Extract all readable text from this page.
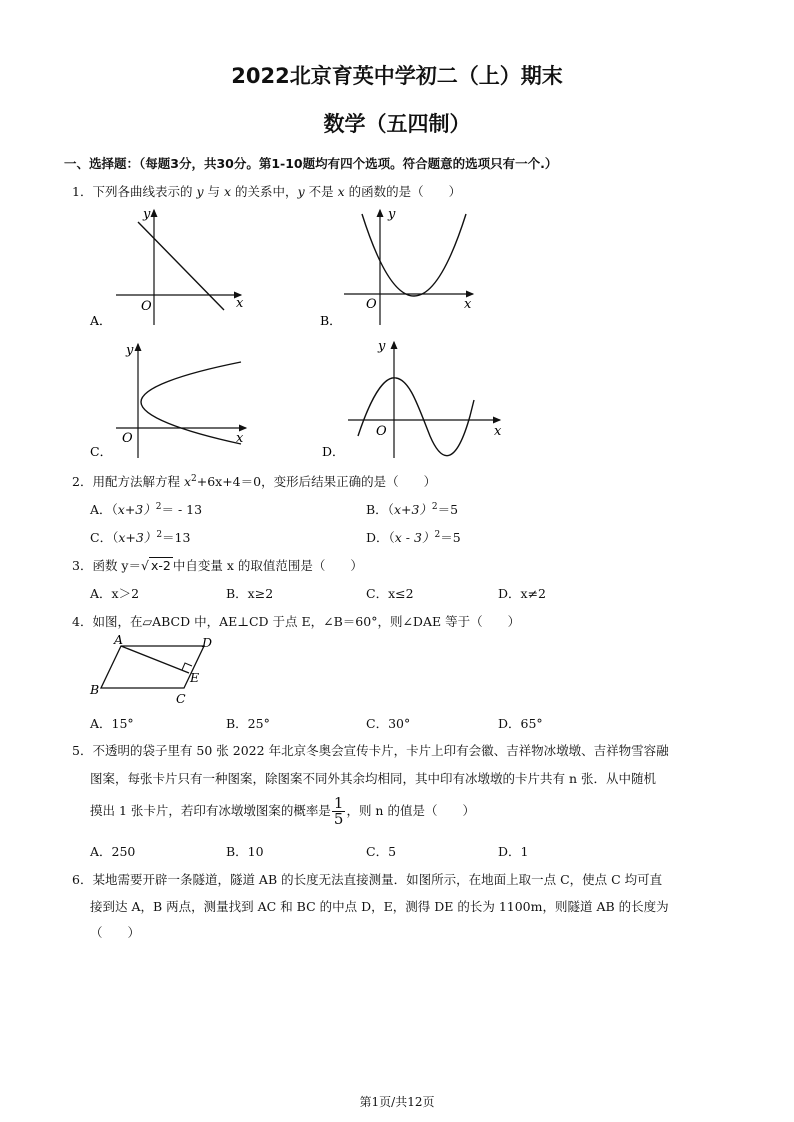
2022北京育英中学初二（上）期末
数学（五四制）
一、选择题：（每题3分，共30分。第1-10题均有四个选项。符合题意的选项只有一个.）
1．下列各曲线表示的 y 与 x 的关系中，y 不是 x 的函数的是（　　）
y
x
O
A．
y
x
O
B．
y
x
O
C．
y
x
O
D．
2．用配方法解方程 $x^2+6x+4=0$，变形后结果正确的是（　　）
A．$(x+3)^2= - 13$	B．$(x+3)^2=5$
C．$(x+3)^2=13$	D．（x - 3）$^2$＝5
3．函数 y＝√ x-2 中自变量 x 的取值范围是（　　）
A．x＞2	B．x≥2	C．x≤2	D．x≠2
4．如图，在▱ABCD 中，AE⊥CD 于点 E，∠B＝60°，则∠DAE 等于（　　）
A	D
B
C
E
A．15°	B．25°	C．30°	D．65°
5．不透明的袋子里有 50 张 2022 年北京冬奥会宣传卡片，卡片上印有会徽、吉祥物冰墩墩、吉祥物雪容融
图案，每张卡片只有一种图案，除图案不同外其余均相同，其中印有冰墩墩的卡片共有 n 张．从中随机
摸出 1 张卡片，若印有冰墩墩图案的概率是 $\frac{1}{5}$ ，则 n 的值是（　　）
A．250	B．10	C．5	D．1
6．某地需要开辟一条隧道，隧道 AB 的长度无法直接测量．如图所示，在地面上取一点 C，使点 C 均可直
接到达 A，B 两点，测量找到 AC 和 BC 的中点 D，E，测得 DE 的长为 1100m，则隧道 AB 的长度为
（　　）
第1页/共12页
